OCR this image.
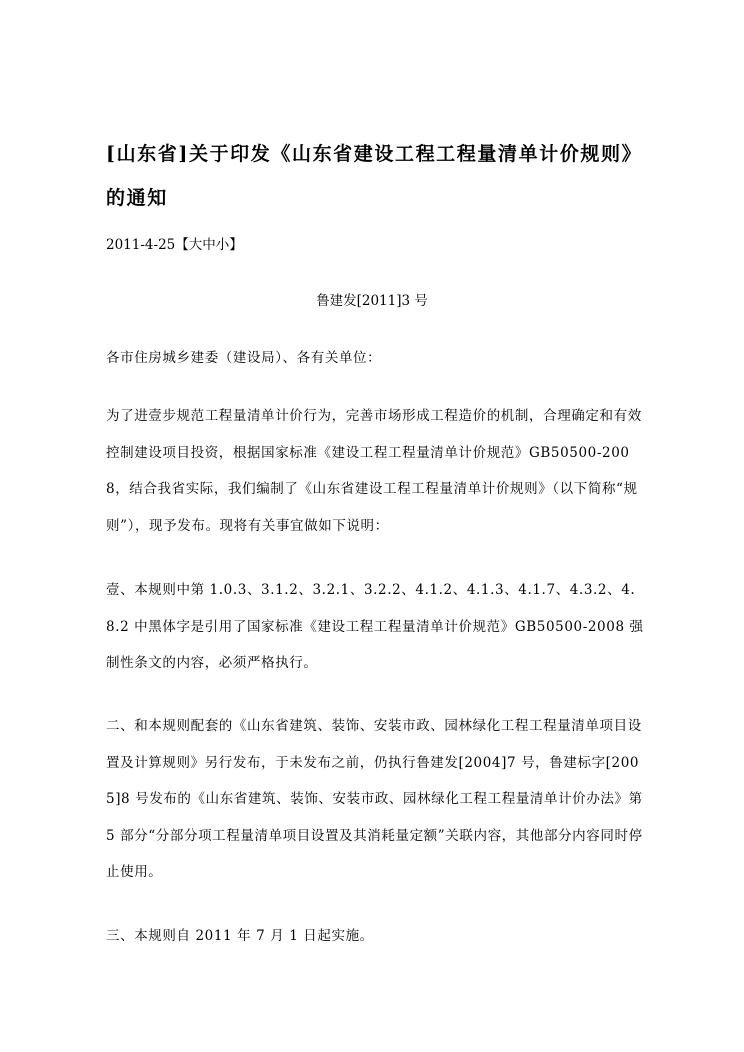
[山东省]关于印发《山东省建设工程工程量清单计价规则》的通知

2011-4-25【大中小】

鲁建发[2011]3 号

各市住房城乡建委（建设局）、各有关单位：

为了进壹步规范工程量清单计价行为，完善市场形成工程造价的机制，合理确定和有效控制建设项目投资，根据国家标准《建设工程工程量清单计价规范》GB50500-2008，结合我省实际，我们编制了《山东省建设工程工程量清单计价规则》（以下简称“规则”），现予发布。现将有关事宜做如下说明：

壹、本规则中第 1.0.3、3.1.2、3.2.1、3.2.2、4.1.2、4.1.3、4.1.7、4.3.2、4.8.2 中黑体字是引用了国家标准《建设工程工程量清单计价规范》GB50500-2008 强制性条文的内容，必须严格执行。

二、和本规则配套的《山东省建筑、装饰、安装市政、园林绿化工程工程量清单项目设置及计算规则》另行发布，于未发布之前，仍执行鲁建发[2004]7 号，鲁建标字[2005]8 号发布的《山东省建筑、装饰、安装市政、园林绿化工程工程量清单计价办法》第 5 部分“分部分项工程量清单项目设置及其消耗量定额”关联内容，其他部分内容同时停止使用。

三、本规则自 2011 年 7 月 1 日起实施。
